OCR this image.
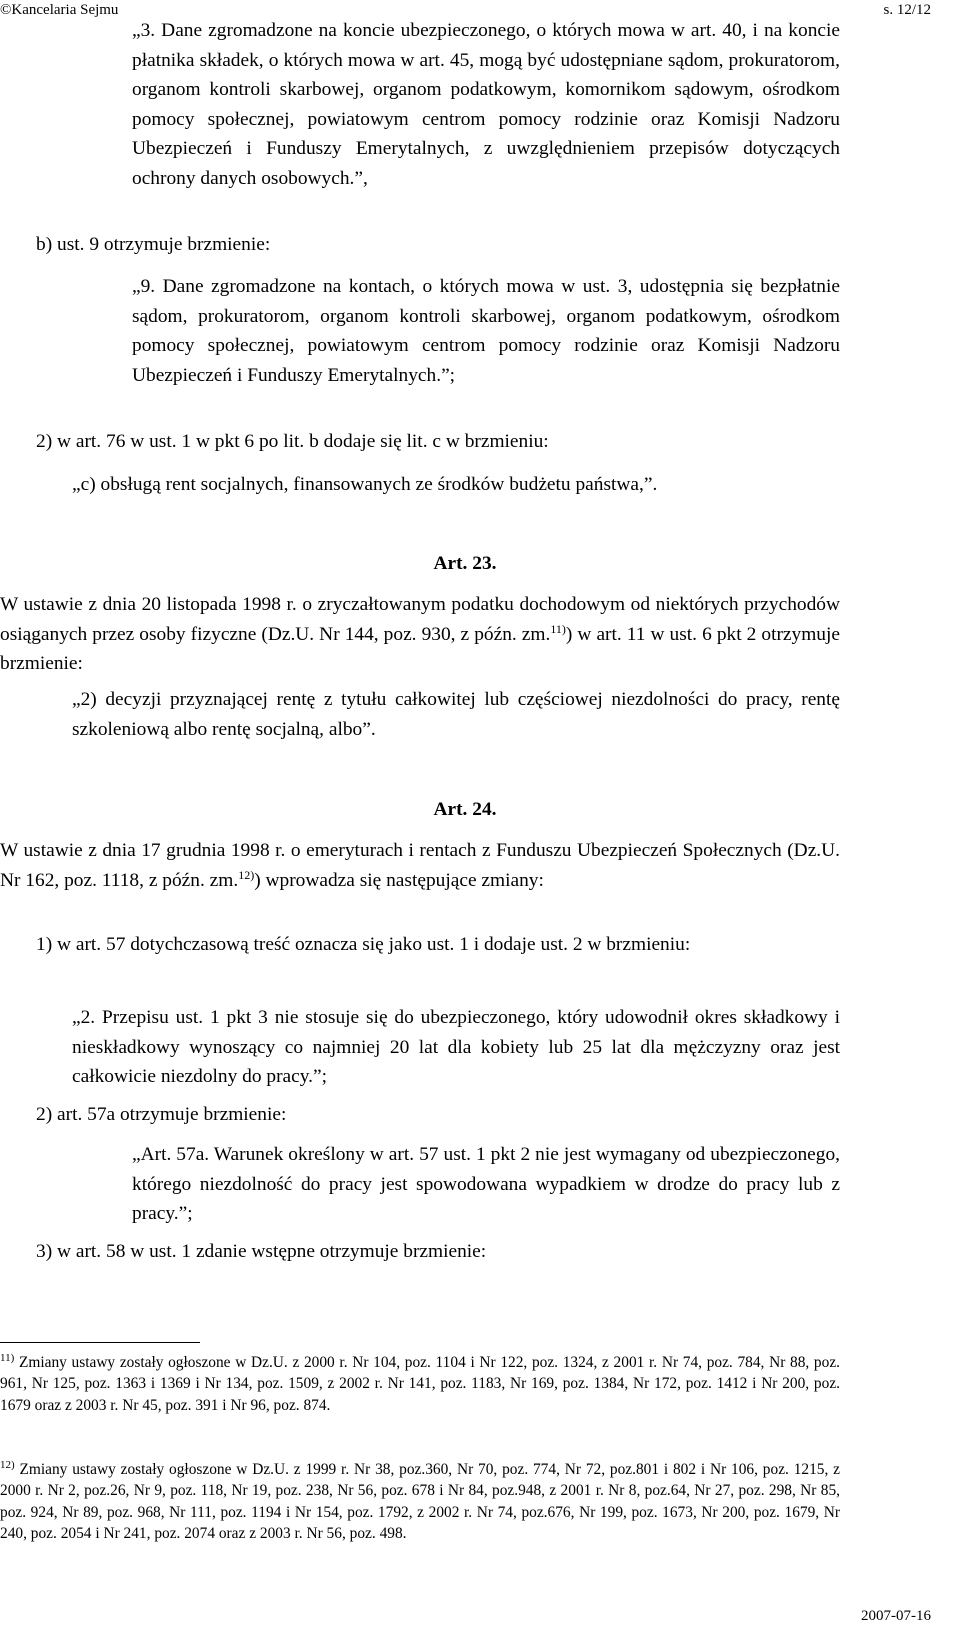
©Kancelaria Sejmu	s. 12/12

„3. Dane zgromadzone na koncie ubezpieczonego, o których mowa w art. 40, i na koncie płatnika składek, o których mowa w art. 45, mogą być udostępniane sądom, prokuratorom, organom kontroli skarbowej, organom podatkowym, komornikom sądowym, ośrodkom pomocy społecznej, powiatowym centrom pomocy rodzinie oraz Komisji Nadzoru Ubezpieczeń i Funduszy Emerytalnych, z uwzględnieniem przepisów dotyczących ochrony danych osobowych.”,

b) ust. 9 otrzymuje brzmienie:

„9. Dane zgromadzone na kontach, o których mowa w ust. 3, udostępnia się bezpłatnie sądom, prokuratorom, organom kontroli skarbowej, organom podatkowym, ośrodkom pomocy społecznej, powiatowym centrom pomocy rodzinie oraz Komisji Nadzoru Ubezpieczeń i Funduszy Emerytalnych.”;

2) w art. 76 w ust. 1 w pkt 6 po lit. b dodaje się lit. c w brzmieniu:

„c) obsługą rent socjalnych, finansowanych ze środków budżetu państwa,”.

Art. 23.

W ustawie z dnia 20 listopada 1998 r. o zryczałtowanym podatku dochodowym od niektórych przychodów osiąganych przez osoby fizyczne (Dz.U. Nr 144, poz. 930, z późn. zm.$^{11)}$) w art. 11 w ust. 6 pkt 2 otrzymuje brzmienie:

„2) decyzji przyznającej rentę z tytułu całkowitej lub częściowej niezdolności do pracy, rentę szkoleniową albo rentę socjalną, albo”.

Art. 24.

W ustawie z dnia 17 grudnia 1998 r. o emeryturach i rentach z Funduszu Ubezpieczeń Społecznych (Dz.U. Nr 162, poz. 1118, z późn. zm.$^{12)}$) wprowadza się następujące zmiany:

1) w art. 57 dotychczasową treść oznacza się jako ust. 1 i dodaje ust. 2 w brzmieniu:

„2. Przepisu ust. 1 pkt 3 nie stosuje się do ubezpieczonego, który udowodnił okres składkowy i nieskładkowy wynoszący co najmniej 20 lat dla kobiety lub 25 lat dla mężczyzny oraz jest całkowicie niezdolny do pracy.”;

2) art. 57a otrzymuje brzmienie:

„Art. 57a. Warunek określony w art. 57 ust. 1 pkt 2 nie jest wymagany od ubezpieczonego, którego niezdolność do pracy jest spowodowana wypadkiem w drodze do pracy lub z pracy.”;

3) w art. 58 w ust. 1 zdanie wstępne otrzymuje brzmienie:

$^{11)}$ Zmiany ustawy zostały ogłoszone w Dz.U. z 2000 r. Nr 104, poz. 1104 i Nr 122, poz. 1324, z 2001 r. Nr 74, poz. 784, Nr 88, poz. 961, Nr 125, poz. 1363 i 1369 i Nr 134, poz. 1509, z 2002 r. Nr 141, poz. 1183, Nr 169, poz. 1384, Nr 172, poz. 1412 i Nr 200, poz. 1679 oraz z 2003 r. Nr 45, poz. 391 i Nr 96, poz. 874.
$^{12)}$ Zmiany ustawy zostały ogłoszone w Dz.U. z 1999 r. Nr 38, poz.360, Nr 70, poz. 774, Nr 72, poz.801 i 802 i Nr 106, poz. 1215, z 2000 r. Nr 2, poz.26, Nr 9, poz. 118, Nr 19, poz. 238, Nr 56, poz. 678 i Nr 84, poz.948, z 2001 r. Nr 8, poz.64, Nr 27, poz. 298, Nr 85, poz. 924, Nr 89, poz. 968, Nr 111, poz. 1194 i Nr 154, poz. 1792, z 2002 r. Nr 74, poz.676, Nr 199, poz. 1673, Nr 200, poz. 1679, Nr 240, poz. 2054 i Nr 241, poz. 2074 oraz z 2003 r. Nr 56, poz. 498.
2007-07-16
